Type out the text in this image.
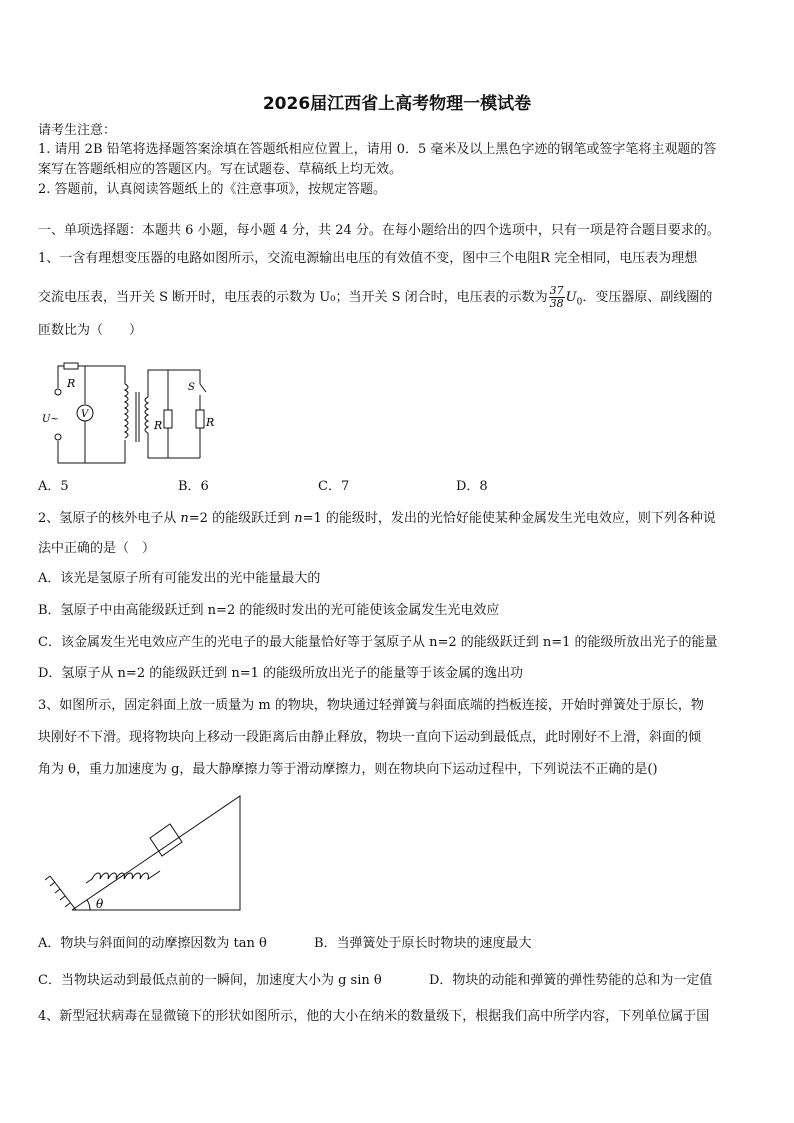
2026届江西省上高考物理一模试卷
请考生注意：
1. 请用 2B 铅笔将选择题答案涂填在答题纸相应位置上，请用 0．5 毫米及以上黑色字迹的钢笔或签字笔将主观题的答
案写在答题纸相应的答题区内。写在试题卷、草稿纸上均无效。
2. 答题前，认真阅读答题纸上的《注意事项》，按规定答题。
一、单项选择题：本题共 6 小题，每小题 4 分，共 24 分。在每小题给出的四个选项中，只有一项是符合题目要求的。
1、一含有理想变压器的电路如图所示，交流电源输出电压的有效值不变，图中三个电阻R 完全相同，电压表为理想
交流电压表，当开关 S 断开时，电压表的示数为 U₀；当开关 S 闭合时，电压表的示数为 $\frac{37}{38} U_0$．变压器原、副线圈的
匝数比为（　　）
R
U~ V
R	R
S
A．5	B．6	C．7	D．8
2、氢原子的核外电子从 n=2 的能级跃迁到 n=1 的能级时，发出的光恰好能使某种金属发生光电效应，则下列各种说
法中正确的是（　）
A．该光是氢原子所有可能发出的光中能量最大的
B．氢原子中由高能级跃迁到 n=2 的能级时发出的光可能使该金属发生光电效应
C．该金属发生光电效应产生的光电子的最大能量恰好等于氢原子从 n=2 的能级跃迁到 n=1 的能级所放出光子的能量
D．氢原子从 n=2 的能级跃迁到 n=1 的能级所放出光子的能量等于该金属的逸出功
3、如图所示，固定斜面上放一质量为 m 的物块，物块通过轻弹簧与斜面底端的挡板连接，开始时弹簧处于原长，物
块刚好不下滑。现将物块向上移动一段距离后由静止释放，物块一直向下运动到最低点，此时刚好不上滑，斜面的倾
角为 θ，重力加速度为 g，最大静摩擦力等于滑动摩擦力，则在物块向下运动过程中，下列说法不正确的是()
θ
A．物块与斜面间的动摩擦因数为 tan θ	B．当弹簧处于原长时物块的速度最大
C．当物块运动到最低点前的一瞬间，加速度大小为 g sin θ	D．物块的动能和弹簧的弹性势能的总和为一定值
4、新型冠状病毒在显微镜下的形状如图所示，他的大小在纳米的数量级下，根据我们高中所学内容，下列单位属于国
